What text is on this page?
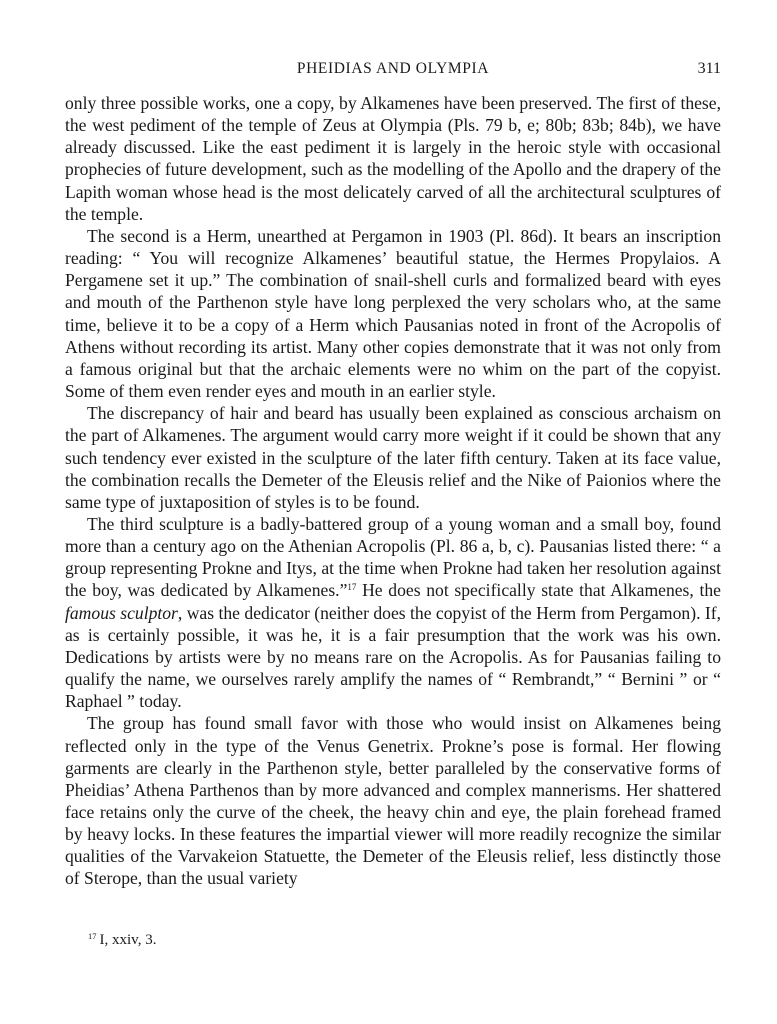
PHEIDIAS AND OLYMPIA	311

only three possible works, one a copy, by Alkamenes have been preserved. The first of these, the west pediment of the temple of Zeus at Olympia (Pls. 79 b, e; 80b; 83b; 84b), we have already discussed. Like the east pediment it is largely in the heroic style with occasional prophecies of future development, such as the modelling of the Apollo and the drapery of the Lapith woman whose head is the most delicately carved of all the architectural sculptures of the temple.

The second is a Herm, unearthed at Pergamon in 1903 (Pl. 86d). It bears an inscription reading: “ You will recognize Alkamenes’ beautiful statue, the Hermes Propylaios. A Pergamene set it up.” The combination of snail-shell curls and formalized beard with eyes and mouth of the Parthenon style have long perplexed the very scholars who, at the same time, believe it to be a copy of a Herm which Pausanias noted in front of the Acropolis of Athens without recording its artist. Many other copies demonstrate that it was not only from a famous original but that the archaic elements were no whim on the part of the copyist. Some of them even render eyes and mouth in an earlier style.

The discrepancy of hair and beard has usually been explained as conscious archaism on the part of Alkamenes. The argument would carry more weight if it could be shown that any such tendency ever existed in the sculpture of the later fifth century. Taken at its face value, the combination recalls the Demeter of the Eleusis relief and the Nike of Paionios where the same type of juxtaposition of styles is to be found.

The third sculpture is a badly-battered group of a young woman and a small boy, found more than a century ago on the Athenian Acropolis (Pl. 86 a, b, c). Pausanias listed there: “ a group representing Prokne and Itys, at the time when Prokne had taken her resolution against the boy, was dedicated by Alkamenes.”$^{17}$ He does not specifically state that Alkamenes, the famous sculptor, was the dedicator (neither does the copyist of the Herm from Pergamon). If, as is certainly possible, it was he, it is a fair presumption that the work was his own. Dedications by artists were by no means rare on the Acropolis. As for Pausanias failing to qualify the name, we ourselves rarely amplify the names of “ Rembrandt,” “ Bernini ” or “ Raphael ” today.

The group has found small favor with those who would insist on Alkamenes being reflected only in the type of the Venus Genetrix. Prokne’s pose is formal. Her flowing garments are clearly in the Parthenon style, better paralleled by the conservative forms of Pheidias’ Athena Parthenos than by more advanced and complex mannerisms. Her shattered face retains only the curve of the cheek, the heavy chin and eye, the plain forehead framed by heavy locks. In these features the impartial viewer will more readily recognize the similar qualities of the Varvakeion Statuette, the Demeter of the Eleusis relief, less distinctly those of Sterope, than the usual variety

$^{17}$ I, xxiv, 3.
